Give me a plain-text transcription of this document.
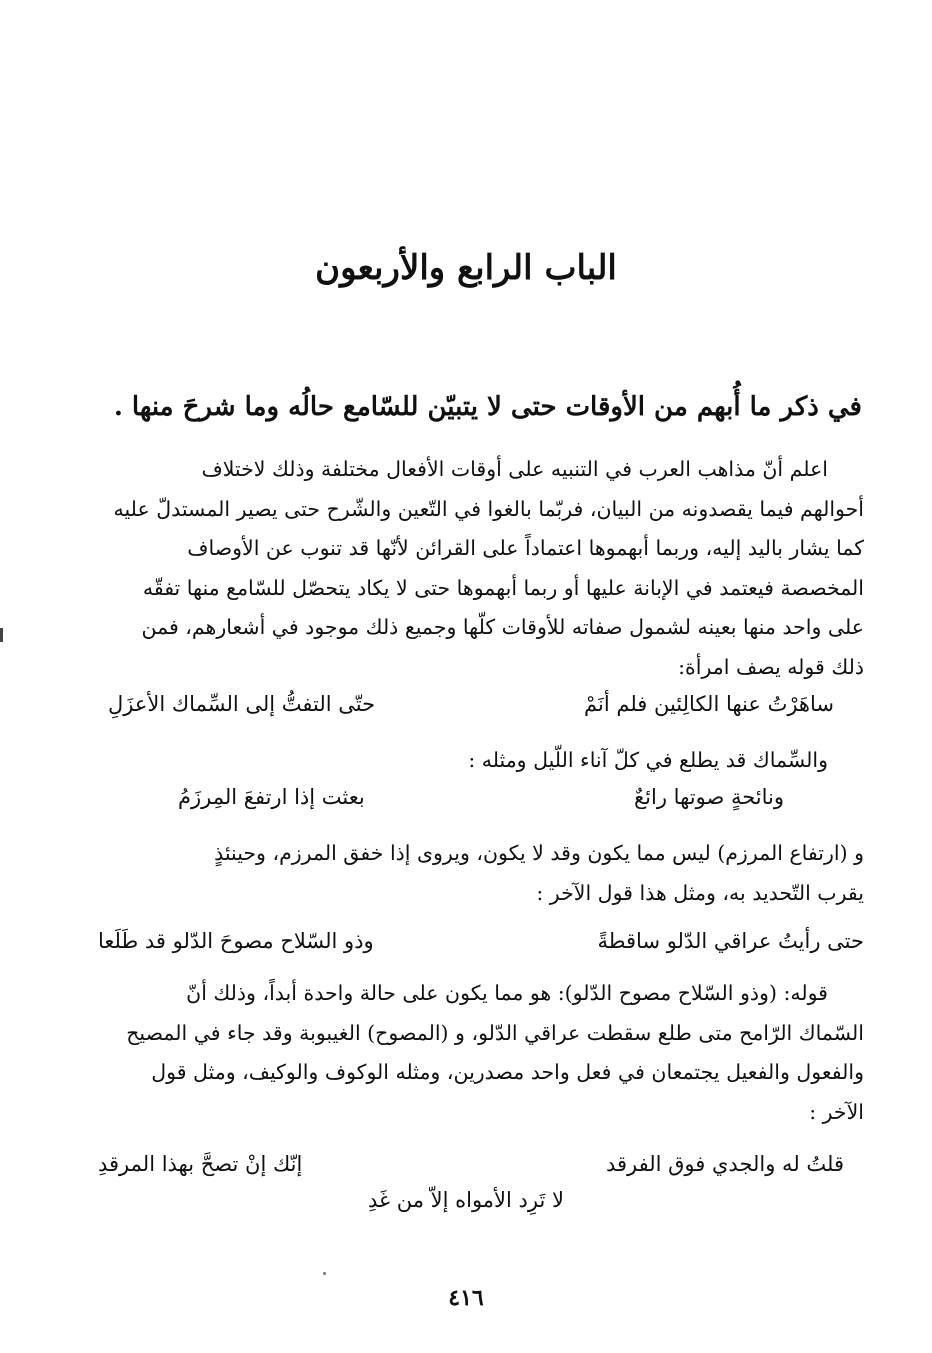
الباب الرابع والأربعون
في ذكر ما أُبهم من الأوقات حتى لا يتبيّن للسّامع حالُه وما شرحَ منها .
اعلم أنّ مذاهب العرب في التنبيه على أوقات الأفعال مختلفة وذلك لاختلاف
أحوالهم فيما يقصدونه من البيان، فربّما بالغوا في التّعين والشّرح حتى يصير المستدلّ عليه
كما يشار باليد إليه، وربما أبهموها اعتماداً على القرائن لأنّها قد تنوب عن الأوصاف
المخصصة فيعتمد في الإبانة عليها أو ربما أبهموها حتى لا يكاد يتحصّل للسّامع منها تفقّه
على واحد منها بعينه لشمول صفاته للأوقات كلّها وجميع ذلك موجود في أشعارهم، فمن
ذلك قوله يصف امرأة:
ساهَرْتُ عنها الكالِئين فلم أنَمْ
حتّى التفتُّ إلى السِّماك الأعزَلِ
والسِّماك قد يطلع في كلّ آناء اللّيل ومثله :
ونائحةٍ صوتها رائعٌ
بعثت إذا ارتفعَ المِرزَمُ
و (ارتفاع المرزم) ليس مما يكون وقد لا يكون، ويروى إذا خفق المرزم، وحينئذٍ
يقرب التّحديد به، ومثل هذا قول الآخر :
حتى رأيتُ عراقي الدّلو ساقطةً
وذو السّلاح مصوحَ الدّلو قد طَلَعا
قوله: (وذو السّلاح مصوح الدّلو): هو مما يكون على حالة واحدة أبداً، وذلك أنّ
السّماك الرّامح متى طلع سقطت عراقي الدّلو، و (المصوح) الغيبوبة وقد جاء في المصيح
والفعول والفعيل يجتمعان في فعل واحد مصدرين، ومثله الوكوف والوكيف، ومثل قول
الآخر :
قلتُ له والجدي فوق الفرقد
إنّك إنْ تصحَّ بهذا المرقدِ
لا تَرِد الأمواه إلاّ من غَدِ
٤١٦
